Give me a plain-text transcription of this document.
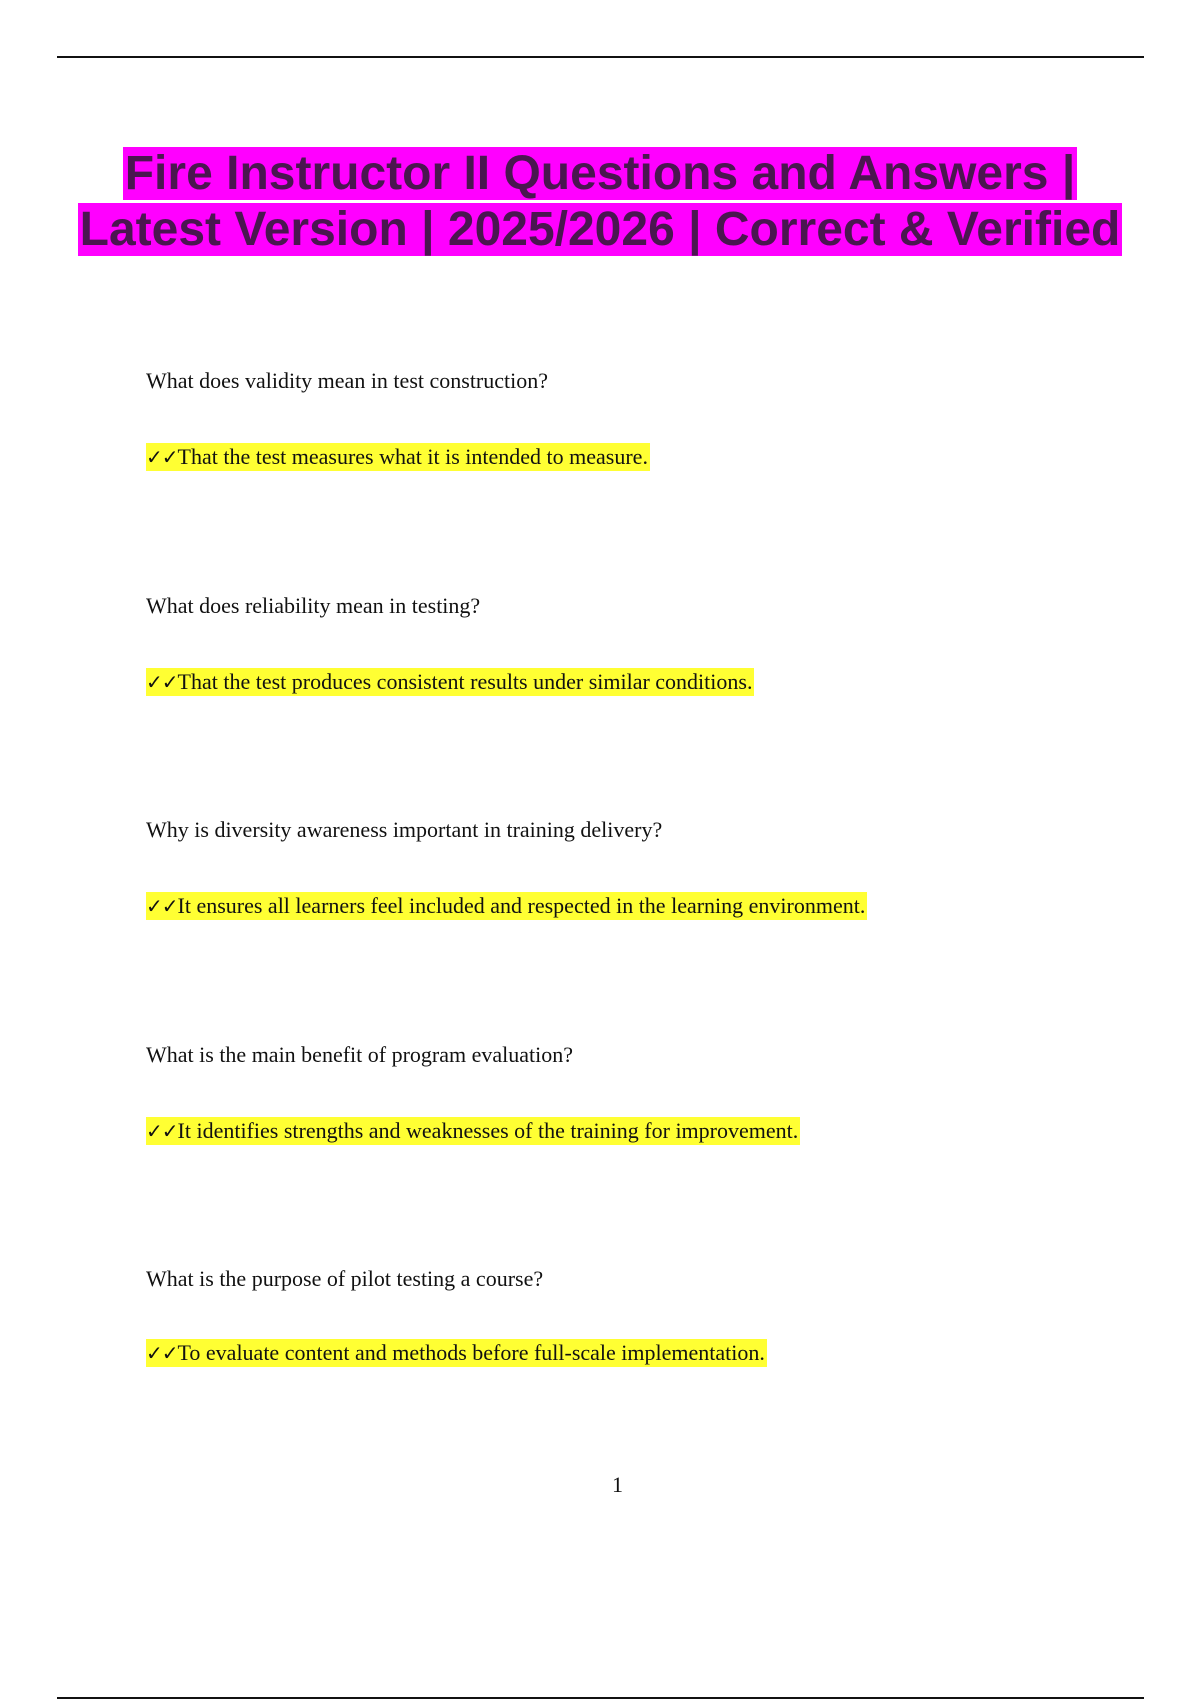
Fire Instructor II Questions and Answers | Latest Version | 2025/2026 | Correct & Verified
What does validity mean in test construction?
✓✓That the test measures what it is intended to measure.
What does reliability mean in testing?
✓✓That the test produces consistent results under similar conditions.
Why is diversity awareness important in training delivery?
✓✓It ensures all learners feel included and respected in the learning environment.
What is the main benefit of program evaluation?
✓✓It identifies strengths and weaknesses of the training for improvement.
What is the purpose of pilot testing a course?
✓✓To evaluate content and methods before full-scale implementation.
1
